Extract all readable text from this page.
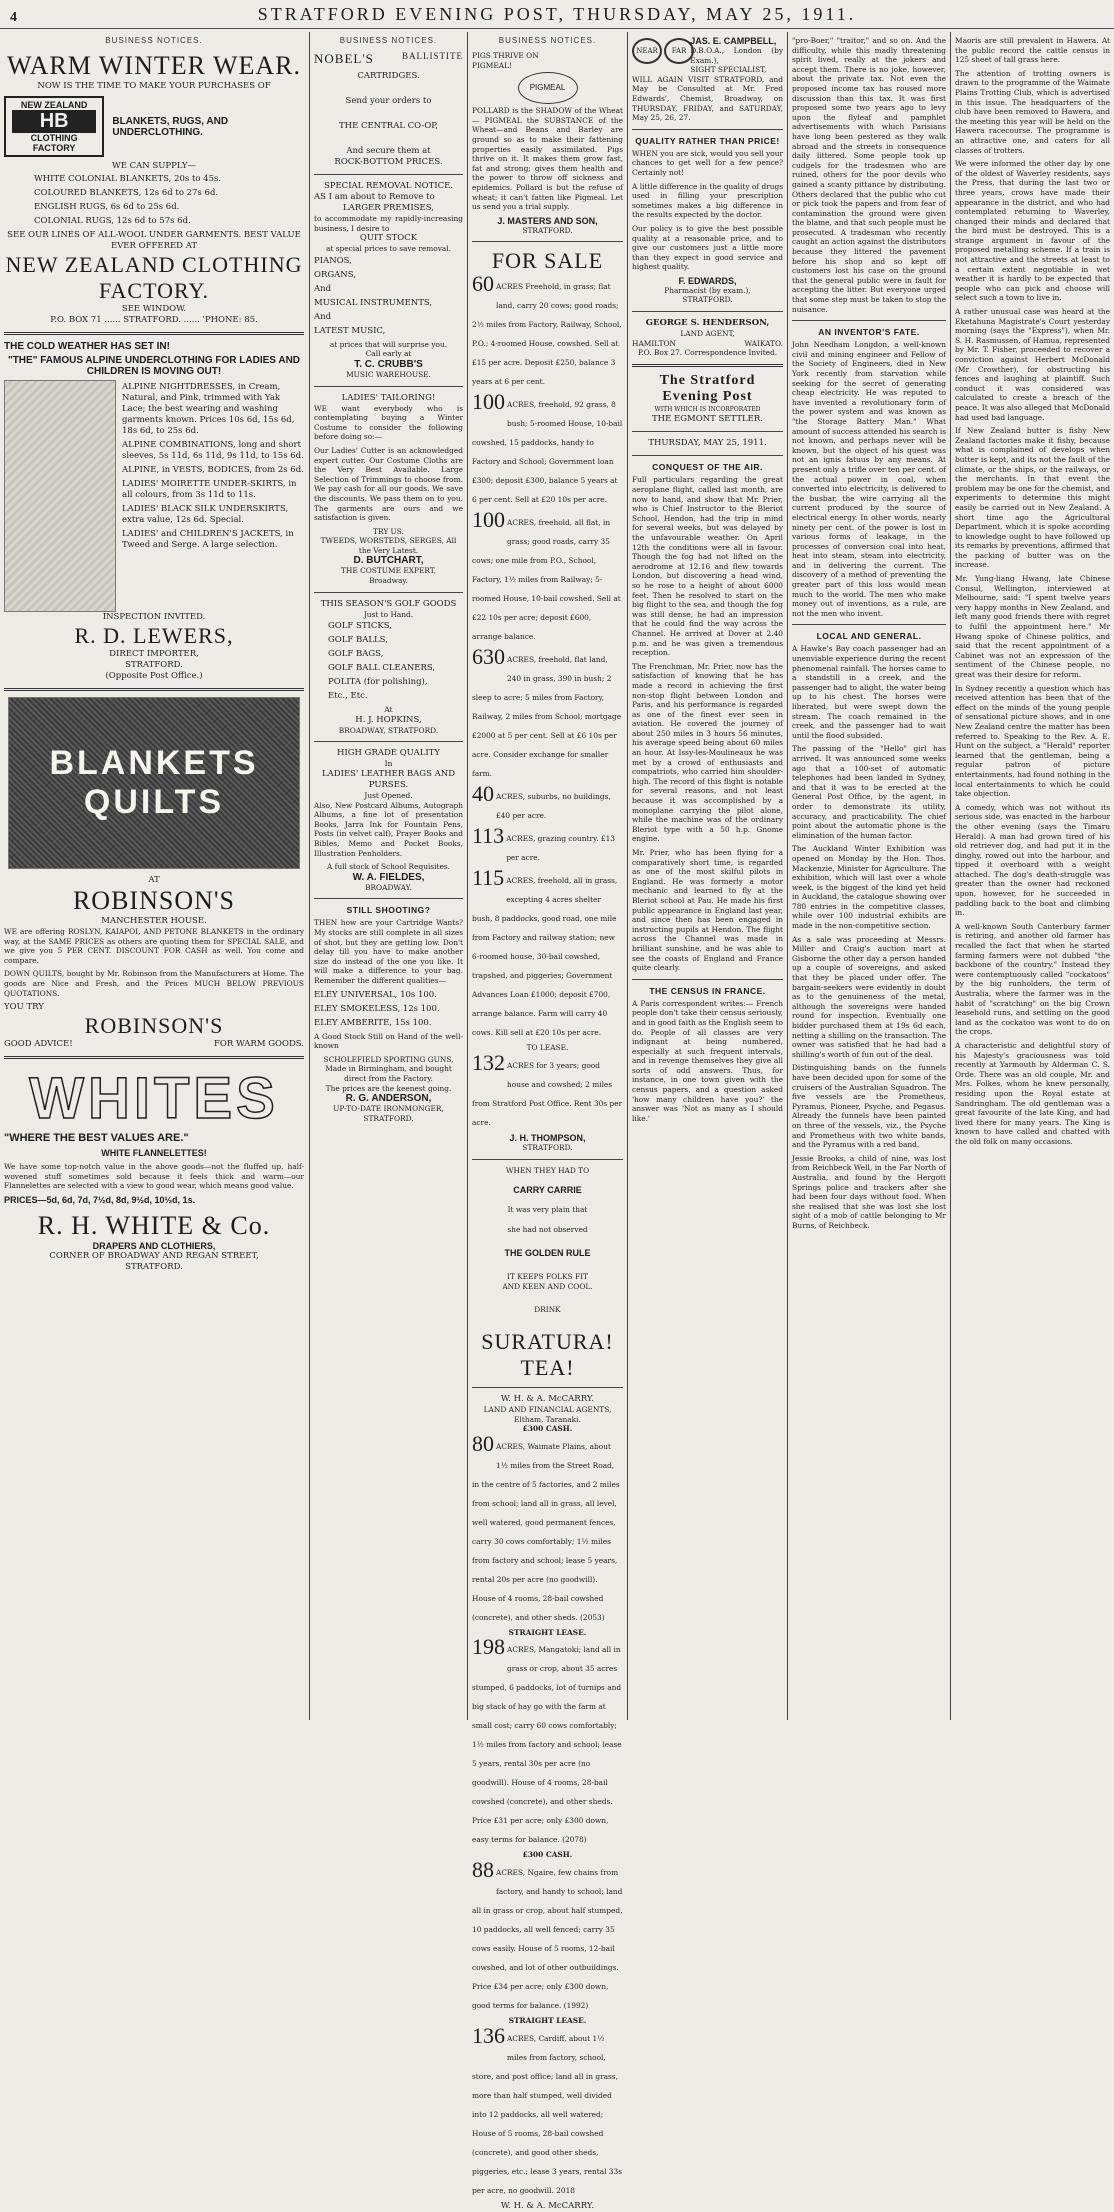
4	STRATFORD EVENING POST, THURSDAY, MAY 25, 1911.
BUSINESS NOTICES.
WARM WINTER WEAR.
NOW IS THE TIME TO MAKE YOUR PURCHASES OF
NEW ZEALAND
HB
CLOTHING FACTORY
BLANKETS, RUGS, AND UNDERCLOTHING.
WE CAN SUPPLY—
WHITE COLONIAL BLANKETS, 20s to 45s.
COLOURED BLANKETS, 12s 6d to 27s 6d.
ENGLISH RUGS, 6s 6d to 25s 6d.
COLONIAL RUGS, 12s 6d to 57s 6d.
SEE OUR LINES OF ALL-WOOL UNDER GARMENTS. BEST VALUE EVER OFFERED AT
NEW ZEALAND CLOTHING FACTORY.
SEE WINDOW.
P.O. BOX 71 ...... STRATFORD. ...... 'PHONE: 85.
THE COLD WEATHER HAS SET IN!
"THE" FAMOUS ALPINE UNDERCLOTHING FOR LADIES AND CHILDREN IS MOVING OUT!
ALPINE NIGHTDRESSES, in Cream, Natural, and Pink, trimmed with Yak Lace; the best wearing and washing garments known. Prices 10s 6d, 15s 6d, 18s 6d, to 25s 6d.
ALPINE COMBINATIONS, long and short sleeves, 5s 11d, 6s 11d, 9s 11d, to 15s 6d.
ALPINE, in VESTS, BODICES, from 2s 6d.
LADIES' MOIRETTE UNDER-SKIRTS, in all colours, from 3s 11d to 11s.
LADIES' BLACK SILK UNDERSKIRTS, extra value, 12s 6d. Special.
LADIES' and CHILDREN'S JACKETS, in Tweed and Serge. A large selection.
INSPECTION INVITED.
R. D. LEWERS,
DIRECT IMPORTER,
STRATFORD.
(Opposite Post Office.)
BLANKETS QUILTS
AT
ROBINSON'S
MANCHESTER HOUSE.
WE are offering ROSLYN, KAIAPOI, AND PETONE BLANKETS in the ordinary way, at the SAME PRICES as others are quoting them for SPECIAL SALE, and we give you 5 PER CENT. DISCOUNT FOR CASH as well. You come and compare.
DOWN QUILTS, bought by Mr. Robinson from the Manufacturers at Home. The goods are Nice and Fresh, and the Prices MUCH BELOW PREVIOUS QUOTATIONS.
YOU TRY
ROBINSON'S
GOOD ADVICE!	FOR WARM GOODS.
WHITES
"WHERE THE BEST VALUES ARE."
WHITE FLANNELETTES!
We have some top-notch value in the above goods—not the fluffed up, half-wovened stuff sometimes sold because it feels thick and warm—our Flannelettes are selected with a view to good wear, which means good value.
PRICES—5d, 6d, 7d, 7½d, 8d, 9½d, 10½d, 1s.
R. H. WHITE & Co.
DRAPERS AND CLOTHIERS,
CORNER OF BROADWAY AND REGAN STREET,
STRATFORD.
BUSINESS NOTICES.
NOBEL'S	BALLISTITE
CARTRIDGES.
Send your orders to
THE CENTRAL CO-OP,
And secure them at
ROCK-BOTTOM PRICES.
SPECIAL REMOVAL NOTICE.
AS I am about to Remove to
LARGER PREMISES,
to accommodate my rapidly-increasing business, I desire to
QUIT STOCK
at special prices to save removal.
PIANOS,
ORGANS,
And
MUSICAL INSTRUMENTS,
And
LATEST MUSIC,
at prices that will surprise you.
Call early at
T. C. CRUBB'S
MUSIC WAREHOUSE.
LADIES' TAILORING!
WE want everybody who is contemplating buying a Winter Costume to consider the following before doing so:—
Our Ladies' Cutter is an acknowledged expert cutter. Our Costume Cloths are the Very Best Available. Large Selection of Trimmings to choose from. We pay cash for all our goods. We save the discounts. We pass them on to you. The garments are ours and we satisfaction is given.
TRY US.
TWEEDS, WORSTEDS, SERGES, All the Very Latest.
D. BUTCHART,
THE COSTUME EXPERT,
Broadway.
THIS SEASON'S GOLF GOODS
Just to Hand.
GOLF STICKS,
GOLF BALLS,
GOLF BAGS,
GOLF BALL CLEANERS,
POLITA (for polishing),
Etc., Etc.
At
H. J. HOPKINS,
BROADWAY, STRATFORD.
HIGH GRADE QUALITY
In
LADIES' LEATHER BAGS AND PURSES.
Just Opened.
Also, New Postcard Albums, Autograph Albums, a fine lot of presentation Books, Jarra Ink for Fountain Pens, Posts (in velvet calf), Prayer Books and Bibles, Memo and Pocket Books, Illustration Penholders.
A full stock of School Requisites.
W. A. FIELDES,
BROADWAY.
STILL SHOOTING?
THEN how are your Cartridge Wants? My stocks are still complete in all sizes of shot, but they are getting low. Don't delay till you have to make another size do instead of the one you like. It will make a difference to your bag. Remember the different qualities—
ELEY UNIVERSAL, 10s 100.
ELEY SMOKELESS, 12s 100.
ELEY AMBERITE, 15s 100.
A Good Stock Still on Hand of the well-known
SCHOLEFIELD SPORTING GUNS, Made in Birmingham, and bought direct from the Factory.
The prices are the keenest going.
R. G. ANDERSON,
UP-TO-DATE IRONMONGER,
STRATFORD.
BUSINESS NOTICES.
PIGS THRIVE ON
PIGMEAL!
PIGMEAL
POLLARD is the SHADOW of the Wheat— PIGMEAL the SUBSTANCE of the Wheat—and Beans and Barley are ground so as to make their fattening properties easily assimilated. Pigs thrive on it. It makes them grow fast, fat and strong; gives them health and the power to throw off sickness and epidemics. Pollard is but the refuse of wheat; it can't fatten like Pigmeal. Let us send you a trial supply.
J. MASTERS AND SON,
STRATFORD.
FOR SALE
60 ACRES Freehold, in grass; flat land, carry 20 cows; good roads; 2½ miles from Factory, Railway, School, P.O.; 4-roomed House, cowshed. Sell at £15 per acre. Deposit £250, balance 3 years at 6 per cent.
100 ACRES, freehold, 92 grass, 8 bush; 5-roomed House, 10-bail cowshed, 15 paddocks, handy to Factory and School; Government loan £300; deposit £300, balance 5 years at 6 per cent. Sell at £20 10s per acre.
100 ACRES, freehold, all flat, in grass; good roads, carry 35 cows; one mile from P.O., School, Factory, 1½ miles from Railway; 5-roomed House, 10-bail cowshed. Sell at £22 10s per acre; deposit £600, arrange balance.
630 ACRES, freehold, flat land, 240 in grass, 390 in bush; 2 sleep to acre; 5 miles from Factory, Railway, 2 miles from School; mortgage £2000 at 5 per cent. Sell at £6 10s per acre. Consider exchange for smaller farm.
40 ACRES, suburbs, no buildings, £40 per acre.
113 ACRES, grazing country. £13 per acre.
115 ACRES, freehold, all in grass, excepting 4 acres shelter bush, 8 paddocks, good road, one mile from Factory and railway station; new 6-roomed house, 30-bail cowshed, trapshed, and piggeries; Government Advances Loan £1000; deposit £700, arrange balance. Farm will carry 40 cows. Kill sell at £20 10s per acre.
TO LEASE.
132 ACRES for 3 years; good house and cowshed; 2 miles from Stratford Post Office. Rent 30s per acre.
J. H. THOMPSON,
STRATFORD.
WHEN THEY HAD TO
CARRY CARRIE
It was very plain that
she had not observed
THE GOLDEN RULE
IT KEEPS FOLKS FIT
AND KEEN AND COOL.
DRINK
SURATURA!
TEA!
W. H. & A. McCARRY.
LAND AND FINANCIAL AGENTS,
Eltham, Taranaki.
£300 CASH.
80 ACRES, Waimate Plains, about 1½ miles from the Street Road, in the centre of 5 factories, and 2 miles from school; land all in grass, all level, well watered, good permanent fences, carry 30 cows comfortably; 1½ miles from factory and school; lease 5 years, rental 20s per acre (no goodwill). House of 4 rooms, 28-bail cowshed (concrete), and other sheds. (2053)
STRAIGHT LEASE.
198 ACRES, Mangatoki; land all in grass or crop, about 35 acres stumped, 6 paddocks, lot of turnips and big stack of hay go with the farm at small cost; carry 60 cows comfortably; 1½ miles from factory and school; lease 5 years, rental 30s per acre (no goodwill). House of 4 rooms, 28-bail cowshed (concrete), and other sheds. Price £31 per acre; only £300 down, easy terms for balance. (2078)
£300 CASH.
88 ACRES, Ngaire, few chains from factory, and handy to school; land all in grass or crop, about half stumped, 10 paddocks, all well fenced; carry 35 cows easily. House of 5 rooms, 12-bail cowshed, and lot of other outbuildings. Price £34 per acre; only £300 down, good terms for balance. (1992)
STRAIGHT LEASE.
136 ACRES, Cardiff, about 1½ miles from factory, school, store, and post office; land all in grass, more than half stumped, well divided into 12 paddocks, all well watered; House of 5 rooms, 28-bail cowshed (concrete), and good other sheds, piggeries, etc.; lease 3 years, rental 33s per acre, no goodwill. 2018
W. H. & A. McCARRY.
NEAR	FAR
JAS. E. CAMPBELL,
D.B.O.A., London (by Exam.),
SIGHT SPECIALIST,
WILL AGAIN VISIT STRATFORD, and May be Consulted at Mr. Fred Edwards', Chemist, Broadway, on THURSDAY, FRIDAY, and SATURDAY, May 25, 26, 27.
QUALITY RATHER THAN PRICE!
WHEN you are sick, would you sell your chances to get well for a few pence? Certainly not!
A little difference in the quality of drugs used in filling your prescription sometimes makes a big difference in the results expected by the doctor.
Our policy is to give the best possible quality at a reasonable price, and to give our customers just a little more than they expect in good service and highest quality.
F. EDWARDS,
Pharmacist (by exam.),
STRATFORD.
GEORGE S. HENDERSON,
LAND AGENT,
HAMILTON	WAIKATO.
P.O. Box 27. Correspondence Invited.
The Stratford Evening Post
WITH WHICH IS INCORPORATED
THE EGMONT SETTLER.
THURSDAY, MAY 25, 1911.
CONQUEST OF THE AIR.
Full particulars regarding the great aeroplane flight, called last month, are now to hand, and show that Mr. Prier, who is Chief Instructor to the Bleriot School, Hendon, had the trip in mind for several weeks, but was delayed by the unfavourable weather. On April 12th the conditions were all in favour. Though the fog had not lifted on the aerodrome at 12.16 and flew towards London, but discovering a head wind, so he rose to a height of about 6000 feet. Then he resolved to start on the big flight to the sea, and though the fog was still dense, he had an impression that he could find the way across the Channel. He arrived at Dover at 2.40 p.m. and he was given a tremendous reception.
The Frenchman, Mr. Prier, now has the satisfaction of knowing that he has made a record in achieving the first non-stop flight between London and Paris, and his performance is regarded as one of the finest ever seen in aviation. He covered the journey of about 250 miles in 3 hours 56 minutes, his average speed being about 60 miles an hour. At Issy-les-Moulineaux he was met by a crowd of enthusiasts and compatriots, who carried him shoulder-high. The record of this flight is notable for several reasons, and not least because it was accomplished by a monoplane carrying the pilot alone, while the machine was of the ordinary Bleriot type with a 50 h.p. Gnome engine.
Mr. Prier, who has been flying for a comparatively short time, is regarded as one of the most skilful pilots in England. He was formerly a motor mechanic and learned to fly at the Bleriot school at Pau. He made his first public appearance in England last year, and since then has been engaged in instructing pupils at Hendon. The flight across the Channel was made in brilliant sunshine, and he was able to see the coasts of England and France quite clearly.
THE CENSUS IN FRANCE.
A Paris correspondent writes:— French people don't take their census seriously, and in good faith as the English seem to do. People of all classes are very indignant at being numbered, especially at such frequent intervals, and in revenge themselves they give all sorts of odd answers. Thus, for instance, in one town given with the census papers, and a question asked 'how many children have you?' the answer was 'Not as many as I should like.'
"pro-Boer," "traitor," and so on. And the difficulty, while this madly threatening spirit lived, really at the jokers and accept them. There is no joke, however, about the private tax. Not even the proposed income tax has roused more discussion than this tax. It was first proposed some two years ago to levy upon the flyleaf and pamphlet advertisements with which Parisians have long been pestered as they walk abroad and the streets in consequence daily littered. Some people took up cudgels for the tradesmen who are ruined, others for the poor devils who gained a scanty pittance by distributing. Others declared that the public who cut or pick took the papers and from fear of contamination the ground were given the blame, and that such people must be prosecuted. A tradesman who recently caught an action against the distributors because they littered the pavement before his shop and so kept off customers lost his case on the ground that the general public were in fault for accepting the litter. But everyone urged that some step must be taken to stop the nuisance.
AN INVENTOR'S FATE.
John Needham Longdon, a well-known civil and mining engineer and Fellow of the Society of Engineers, died in New York recently from starvation while seeking for the secret of generating cheap electricity. He was reputed to have invented a revolutionary form of the power system and was known as "the Storage Battery Man." What amount of success attended his search is not known, and perhaps never will be known, but the object of his quest was not an ignis fatuus by any means. At present only a trifle over ten per cent. of the actual power in coal, when converted into electricity, is delivered to the busbar, the wire carrying all the current produced by the source of electrical energy. In other words, nearly ninety per cent. of the power is lost in various forms of leakage, in the processes of conversion coal into heat, heat into steam, steam into electricity, and in delivering the current. The discovery of a method of preventing the greater part of this loss would mean much to the world. The men who make money out of inventions, as a rule, are not the men who invent.
LOCAL AND GENERAL.
A Hawke's Bay coach passenger had an unenviable experience during the recent phenomenal rainfall. The horses came to a standstill in a creek, and the passenger had to alight, the water being up to his chest. The horses were liberated, but were swept down the stream. The coach remained in the creek, and the passenger had to wait until the flood subsided.
The passing of the "Hello" girl has arrived. It was announced some weeks ago that a 100-set of automatic telephones had been landed in Sydney, and that it was to be erected at the General Post Office, by the agent, in order to demonstrate its utility, accuracy, and practicability. The chief point about the automatic phone is the elimination of the human factor.
The Auckland Winter Exhibition was opened on Monday by the Hon. Thos. Mackenzie, Minister for Agriculture. The exhibition, which will last over a whole week, is the biggest of the kind yet held in Auckland, the catalogue showing over 780 entries in the competitive classes, while over 100 industrial exhibits are made in the non-competitive section.
As a sale was proceeding at Messrs. Miller and Craig's auction mart at Gisborne the other day a person handed up a couple of sovereigns, and asked that they be placed under offer. The bargain-seekers were evidently in doubt as to the genuineness of the metal, although the sovereigns were handed round for inspection. Eventually one bidder purchased them at 19s 6d each, netting a shilling on the transaction. The owner was satisfied that he had had a shilling's worth of fun out of the deal.
Distinguishing bands on the funnels have been decided upon for some of the cruisers of the Australian Squadron. The five vessels are the Prometheus, Pyramus, Pioneer, Psyche, and Pegasus. Already the funnels have been painted on three of the vessels, viz., the Psyche and Prometheus with two white bands, and the Pyramus with a red band.
Jessie Brooks, a child of nine, was lost from Reichbeck Well, in the Far North of Australia, and found by the Hergott Springs police and trackers after she had been four days without food. When she realised that she was lost she lost sight of a mob of cattle belonging to Mr Burns, of Reichbeck.
Maoris are still prevalent in Hawera. At the public record the cattle census in 125 sheet of tall grass here.
The attention of trotting owners is drawn to the programme of the Waimate Plains Trotting Club, which is advertised in this issue. The headquarters of the club have been removed to Hawera, and the meeting this year will be held on the Hawera racecourse. The programme is an attractive one, and caters for all classes of trotters.
We were informed the other day by one of the oldest of Waverley residents, says the Press, that during the last two or three years, crows have made their appearance in the district, and who had contemplated returning to Waverley, changed their minds and declared that the bird must be destroyed. This is a strange argument in favour of the proposed metalling scheme. If a train is not attractive and the streets at least to a certain extent negotiable in wet weather it is hardly to be expected that people who can pick and choose will select such a town to live in.
A rather unusual case was heard at the Eketahuna Magistrate's Court yesterday morning (says the "Express"), when Mr. S. H. Rasmussen, of Hamua, represented by Mr. T. Fisher, proceeded to recover a conviction against Herbert McDonald (Mr Crowther), for obstructing his fences and laughing at plaintiff. Such conduct it was considered was calculated to create a breach of the peace. It was also alleged that McDonald had used bad language.
If New Zealand butter is fishy New Zealand factories make it fishy, because what is complained of develops when butter is kept, and its not the fault of the climate, or the ships, or the railways, or the merchants. In that event the problem may be one for the chemist, and experiments to determine this might easily be carried out in New Zealand. A short time ago the Agricultural Department, which it is spoke according to knowledge ought to have followed up its remarks by preventions, affirmed that the packing of butter was on the increase.
Mr. Yung-liang Hwang, late Chinese Consul, Wellington, interviewed at Melbourne, said: "I spent twelve years very happy months in New Zealand, and left many good friends there with regret to fulfil the appointment here." Mr Hwang spoke of Chinese politics, and said that the recent appointment of a Cabinet was not an expression of the sentiment of the Chinese people, no great was their desire for reform.
In Sydney recently a question which has received attention has been that of the effect on the minds of the young people of sensational picture shows, and in one New Zealand centre the matter has been referred to. Speaking to the Rev. A. E. Hunt on the subject, a "Herald" reporter learned that the gentleman, being a regular patron of picture entertainments, had found nothing in the local entertainments to which he could take objection.
A comedy, which was not without its serious side, was enacted in the harbour the other evening (says the Timaru Herald). A man had grown tired of his old retriever dog, and had put it in the dinghy, rowed out into the harbour, and tipped it overboard with a weight attached. The dog's death-struggle was greater than the owner had reckoned upon, however, for he succeeded in paddling back to the boat and climbing in.
A well-known South Canterbury farmer is retiring, and another old farmer has recalled the fact that when he started farming farmers were not dubbed "the backbone of the country." Instead they were contemptuously called "cockatoos" by the big runholders, the term of Australia, where the farmer was in the habit of "scratching" on the big Crown leasehold runs, and settling on the good land as the cockatoo was wont to do on the crops.
A characteristic and delightful story of his Majesty's graciousness was told recently at Yarmouth by Alderman C. S. Orde. There was an old couple, Mr. and Mrs. Folkes, whom he knew personally, residing upon the Royal estate at Sandringham. The old gentleman was a great favourite of the late King, and had lived there for many years. The King is known to have called and chatted with the old folk on many occasions.
